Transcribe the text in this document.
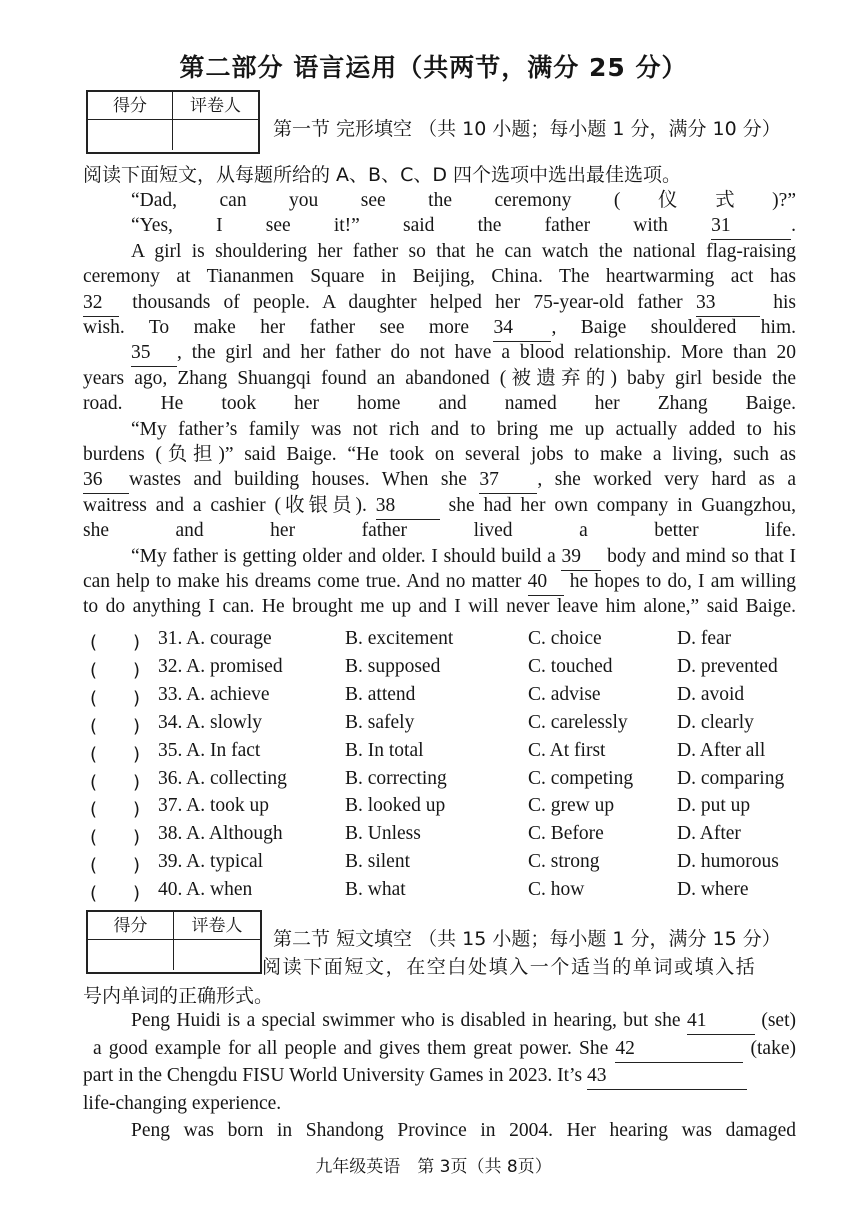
第二部分 语言运用（共两节，满分 25 分）
得分	评卷人
第一节 完形填空 （共 10 小题；每小题 1 分，满分 10 分）
阅读下面短文，从每题所给的 A、B、C、D 四个选项中选出最佳选项。
“Dad, can you see the ceremony (仪式)?”
“Yes, I see it!” said the father with 31	.
A girl is shouldering her father so that he can watch the national flag-raising
ceremony at Tiananmen Square in Beijing, China. The heartwarming act has
32 thousands of people. A daughter helped her 75-year-old father 33 his
wish. To make her father see more 34 , Baige shouldered him.
35 , the girl and her father do not have a blood relationship. More than 20
years ago, Zhang Shuangqi found an abandoned (被遗弃的) baby girl beside the
road. He took her home and named her Zhang Baige.
“My father’s family was not rich and to bring me up actually added to his
burdens (负担)” said Baige. “He took on several jobs to make a living, such as
36 wastes and building houses. When she 37 , she worked very hard as a
waitress and a cashier (收银员). 38 she had her own company in Guangzhou,
she and her father lived a better life.
“My father is getting older and older. I should build a 39 body and mind so that I
can help to make his dreams come true. And no matter 40 he hopes to do, I am willing
to do anything I can. He brought me up and I will never leave him alone,” said Baige.
(　　) 31. A. courage	B. excitement	C. choice	D. fear
(　　) 32. A. promised	B. supposed	C. touched	D. prevented
(　　) 33. A. achieve	B. attend	C. advise	D. avoid
(　　) 34. A. slowly	B. safely	C. carelessly	D. clearly
(　　) 35. A. In fact	B. In total	C. At first	D. After all
(　　) 36. A. collecting	B. correcting	C. competing D. comparing
(　　) 37. A. took up	B. looked up	C. grew up	D. put up
(　　) 38. A. Although	B. Unless	C. Before	D. After
(　　) 39. A. typical	B. silent	C. strong	D. humorous
(　　) 40. A. when	B. what	C. how	D. where
得分	评卷人
第二节 短文填空 （共 15 小题；每小题 1 分，满分 15 分）
阅读下面短文，在空白处填入一个适当的单词或填入括
号内单词的正确形式。
Peng Huidi is a special swimmer who is disabled in hearing, but she 41 (set)
a good example for all people and gives them great power. She 42	(take)
part in the Chengdu FISU World University Games in 2023. It’s 43
life-changing experience.
Peng was born in Shandong Province in 2004. Her hearing was damaged
九年级英语　第 3页（共 8页）
